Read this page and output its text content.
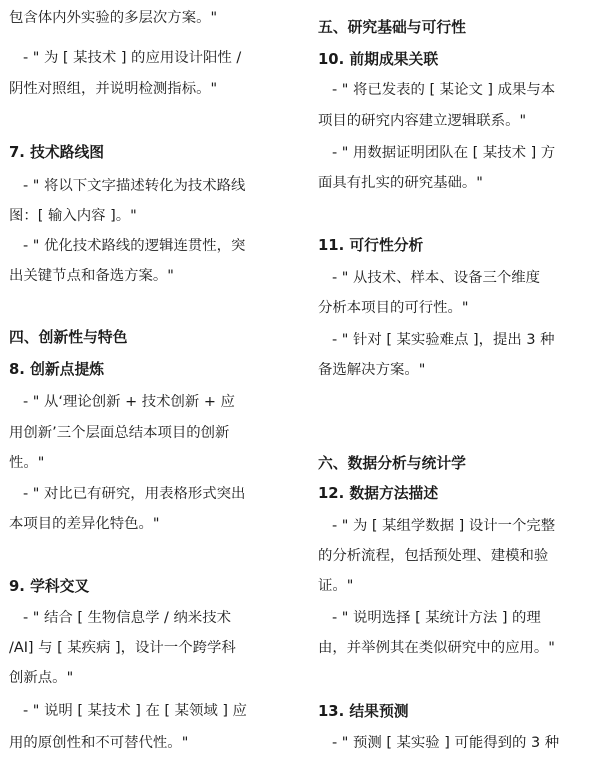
包含体内外实验的多层次方案。"
- " 为 [ 某技术 ] 的应用设计阳性 /
阴性对照组，并说明检测指标。"
7. 技术路线图
- " 将以下文字描述转化为技术路线
图：[ 输入内容 ]。"
- " 优化技术路线的逻辑连贯性，突
出关键节点和备选方案。"
四、创新性与特色
8. 创新点提炼
- " 从‘理论创新 + 技术创新 + 应
用创新’三个层面总结本项目的创新
性。"
- " 对比已有研究，用表格形式突出
本项目的差异化特色。"
9. 学科交叉
- " 结合 [ 生物信息学 / 纳米技术
/AI] 与 [ 某疾病 ]，设计一个跨学科
创新点。"
- " 说明 [ 某技术 ] 在 [ 某领域 ] 应
用的原创性和不可替代性。"
五、研究基础与可行性
10. 前期成果关联
- " 将已发表的 [ 某论文 ] 成果与本
项目的研究内容建立逻辑联系。"
- " 用数据证明团队在 [ 某技术 ] 方
面具有扎实的研究基础。"
11. 可行性分析
- " 从技术、样本、设备三个维度
分析本项目的可行性。"
- " 针对 [ 某实验难点 ]，提出 3 种
备选解决方案。"
六、数据分析与统计学
12. 数据方法描述
- " 为 [ 某组学数据 ] 设计一个完整
的分析流程，包括预处理、建模和验
证。"
- " 说明选择 [ 某统计方法 ] 的理
由，并举例其在类似研究中的应用。"
13. 结果预测
- " 预测 [ 某实验 ] 可能得到的 3 种
